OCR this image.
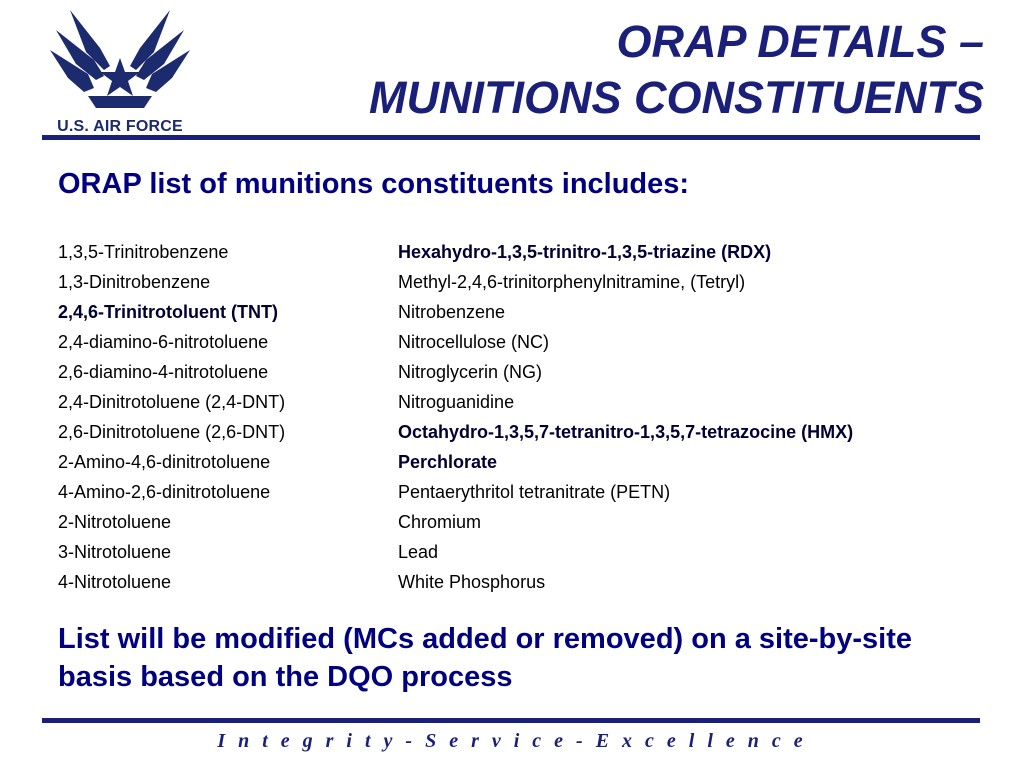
U.S. AIR FORCE
ORAP DETAILS –
MUNITIONS CONSTITUENTS
ORAP list of munitions constituents includes:
1,3,5-Trinitrobenzene
1,3-Dinitrobenzene
2,4,6-Trinitrotoluent (TNT)
2,4-diamino-6-nitrotoluene
2,6-diamino-4-nitrotoluene
2,4-Dinitrotoluene (2,4-DNT)
2,6-Dinitrotoluene (2,6-DNT)
2-Amino-4,6-dinitrotoluene
4-Amino-2,6-dinitrotoluene
2-Nitrotoluene
3-Nitrotoluene
4-Nitrotoluene
Hexahydro-1,3,5-trinitro-1,3,5-triazine (RDX)
Methyl-2,4,6-trinitorphenylnitramine, (Tetryl)
Nitrobenzene
Nitrocellulose (NC)
Nitroglycerin (NG)
Nitroguanidine
Octahydro-1,3,5,7-tetranitro-1,3,5,7-tetrazocine (HMX)
Perchlorate
Pentaerythritol tetranitrate (PETN)
Chromium
Lead
White Phosphorus
List will be modified (MCs added or removed) on a site-by-site basis based on the DQO process
I n t e g r i t y - S e r v i c e - E x c e l l e n c e
